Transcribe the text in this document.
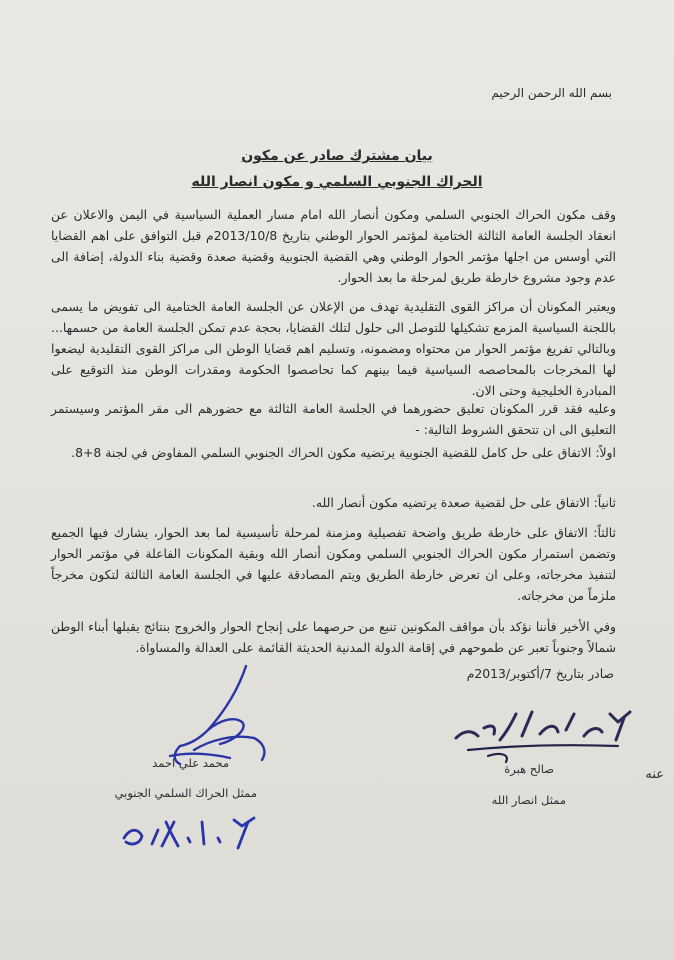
بسم الله الرحمن الرحيم
بيان مشترك صادر عن مكون
الحراك الجنوبي السلمي و مكون انصار الله
وقف مكون الحراك الجنوبي السلمي ومكون أنصار الله امام مسار العملية السياسية في اليمن والاعلان عن انعقاد الجلسة العامة الثالثة الختامية لمؤتمر الحوار الوطني بتاريخ 2013/10/8م قبل التوافق على اهم القضايا التي أوسس من اجلها مؤتمر الحوار الوطني وهي القضية الجنوبية وقضية صعدة وقضية بناء الدولة، إضافة الى عدم وجود مشروع خارطة طريق لمرحلة ما بعد الحوار.
ويعتبر المكونان أن مراكز القوى التقليدية تهدف من الإعلان عن الجلسة العامة الختامية الى تفويض ما يسمى باللجنة السياسية المزمع تشكيلها للتوصل الى حلول لتلك القضايا، بحجة عدم تمكن الجلسة العامة من حسمها... وبالتالي تفريغ مؤتمر الحوار من محتواه ومضمونه، وتسليم اهم قضايا الوطن الى مراكز القوى التقليدية ليضعوا لها المخرجات بالمحاصصه السياسية فيما بينهم كما تحاصصوا الحكومة ومقدرات الوطن منذ التوقيع على المبادرة الخليجية وحتى الان.
وعليه فقد قرر المكونان تعليق حضورهما في الجلسة العامة الثالثة مع حضورهم الى مقر المؤتمر وسيستمر التعليق الى ان تتحقق الشروط التالية: -
اولاً: الاتفاق على حل كامل للقضية الجنوبية يرتضيه مكون الحراك الجنوبي السلمي المفاوض في لجنة 8+8.
ثانياً: الاتفاق على حل لقضية صعدة يرتضيه مكون أنصار الله.
ثالثاً: الاتفاق على خارطة طريق واضحة تفصيلية ومزمنة لمرحلة تأسيسية لما بعد الحوار، يشارك فيها الجميع وتضمن استمرار مكون الحراك الجنوبي السلمي ومكون أنصار الله وبقية المكونات الفاعلة في مؤتمر الحوار لتنفيذ مخرجاته، وعلى ان تعرض خارطة الطريق ويتم المصادقة عليها في الجلسة العامة الثالثة لتكون مخرجاً ملزماً من مخرجاته.
وفي الأخير فأننا نؤكد بأن مواقف المكونين تنبع من حرصهما على إنجاح الحوار والخروج بنتائج يقبلها أبناء الوطن شمالاً وجنوباً تعبر عن طموحهم في إقامة الدولة المدنية الحديثة القائمة على العدالة والمساواة.
صادر بتاريخ 7/أكتوبر/2013م
صالح هبرة
ممثل انصار الله
عنه
محمد علي احمد
ممثل الحراك السلمي الجنوبي
